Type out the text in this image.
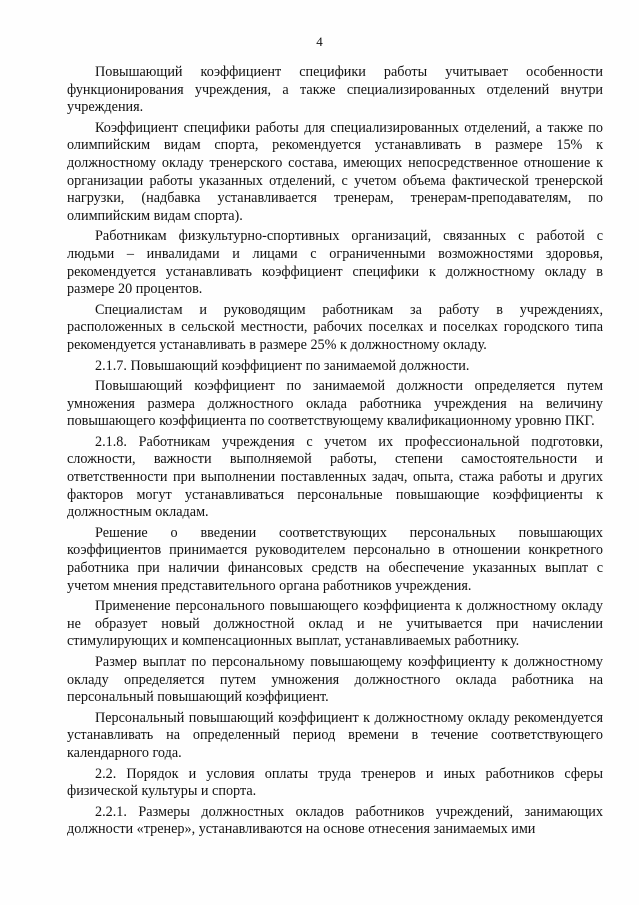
4

Повышающий коэффициент специфики работы учитывает особенности функционирования учреждения, а также специализированных отделений внутри учреждения.

Коэффициент специфики работы для специализированных отделений, а также по олимпийским видам спорта, рекомендуется устанавливать в размере 15% к должностному окладу тренерского состава, имеющих непосредственное отношение к организации работы указанных отделений, с учетом объема фактической тренерской нагрузки, (надбавка устанавливается тренерам, тренерам-преподавателям, по олимпийским видам спорта).

Работникам физкультурно-спортивных организаций, связанных с работой с людьми – инвалидами и лицами с ограниченными возможностями здоровья, рекомендуется устанавливать коэффициент специфики к должностному окладу в размере 20 процентов.

Специалистам и руководящим работникам за работу в учреждениях, расположенных в сельской местности, рабочих поселках и поселках городского типа рекомендуется устанавливать в размере 25% к должностному окладу.

2.1.7. Повышающий коэффициент по занимаемой должности.

Повышающий коэффициент по занимаемой должности определяется путем умножения размера должностного оклада работника учреждения на величину повышающего коэффициента по соответствующему квалификационному уровню ПКГ.

2.1.8. Работникам учреждения с учетом их профессиональной подготовки, сложности, важности выполняемой работы, степени самостоятельности и ответственности при выполнении поставленных задач, опыта, стажа работы и других факторов могут устанавливаться персональные повышающие коэффициенты к должностным окладам.

Решение о введении соответствующих персональных повышающих коэффициентов принимается руководителем персонально в отношении конкретного работника при наличии финансовых средств на обеспечение указанных выплат с учетом мнения представительного органа работников учреждения.

Применение персонального повышающего коэффициента к должностному окладу не образует новый должностной оклад и не учитывается при начислении стимулирующих и компенсационных выплат, устанавливаемых работнику.

Размер выплат по персональному повышающему коэффициенту к должностному окладу определяется путем умножения должностного оклада работника на персональный повышающий коэффициент.

Персональный повышающий коэффициент к должностному окладу рекомендуется устанавливать на определенный период времени в течение соответствующего календарного года.

2.2. Порядок и условия оплаты труда тренеров и иных работников сферы физической культуры и спорта.

2.2.1. Размеры должностных окладов работников учреждений, занимающих должности «тренер», устанавливаются на основе отнесения занимаемых ими
